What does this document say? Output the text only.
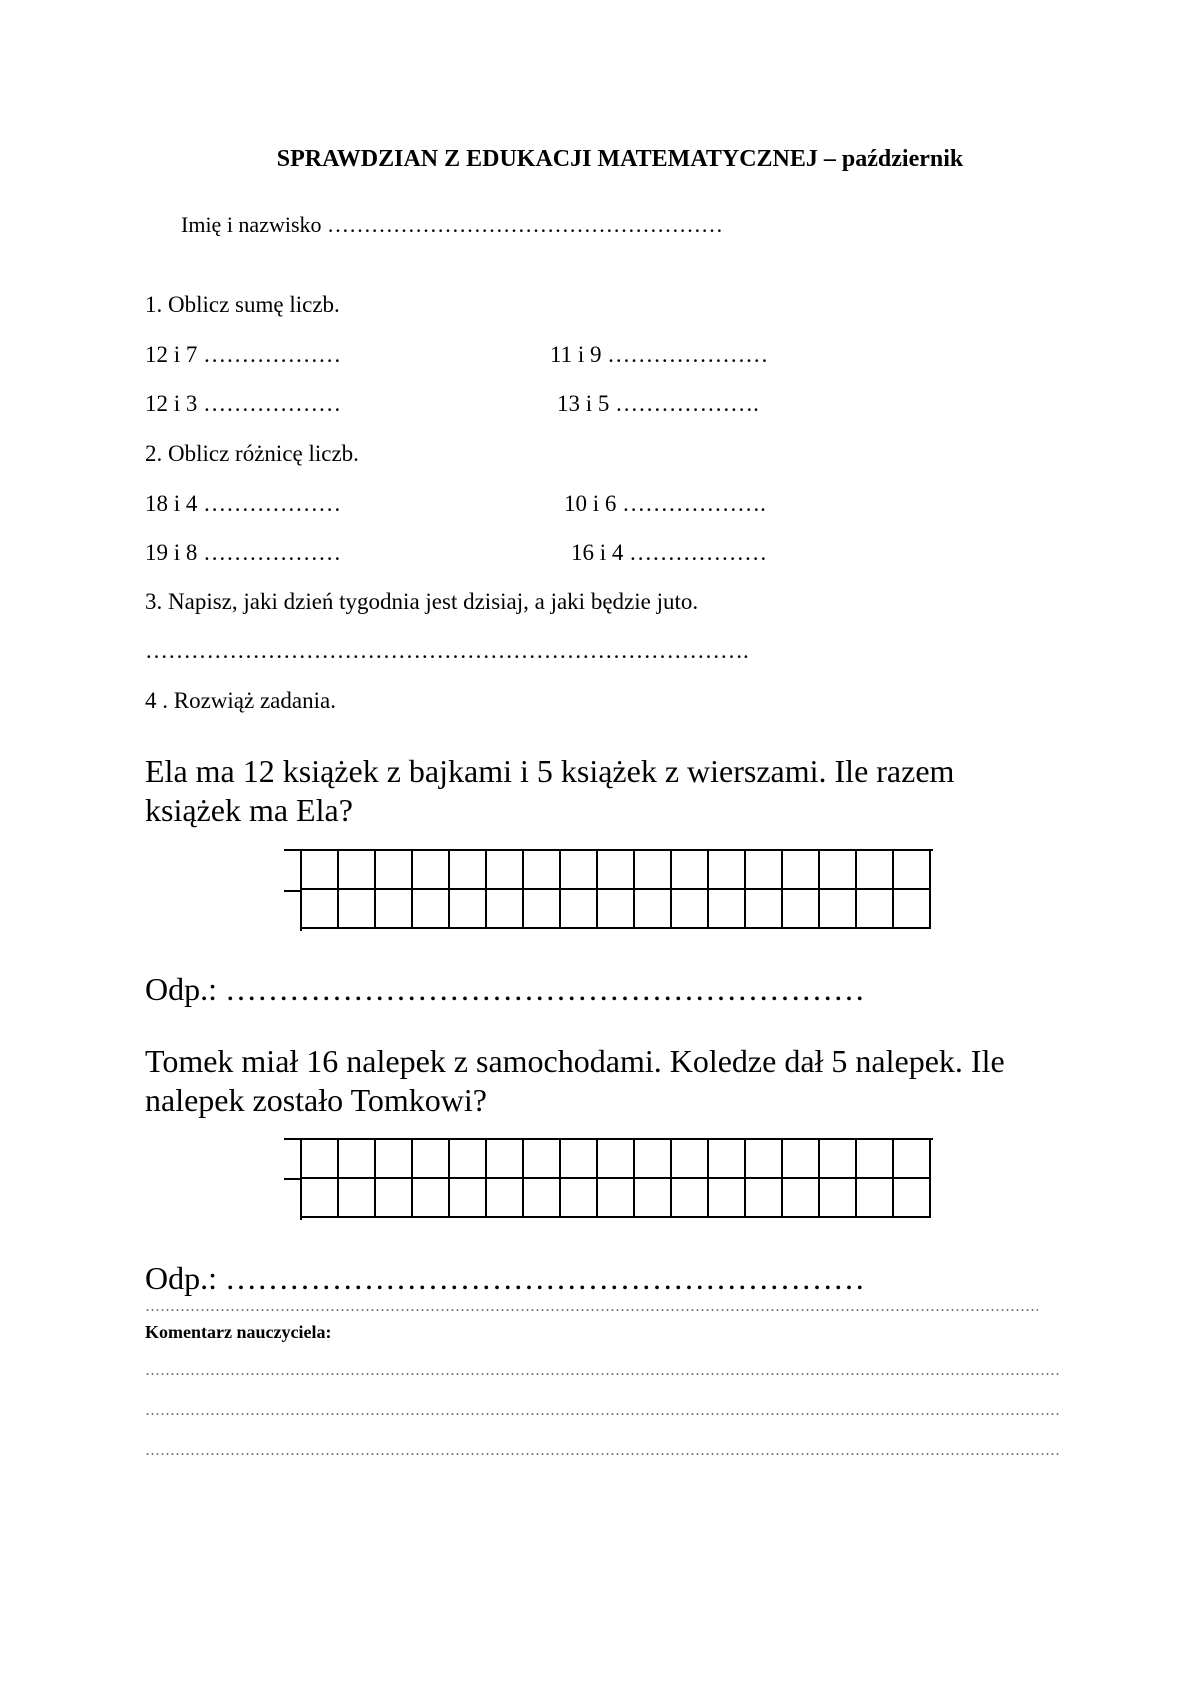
SPRAWDZIAN Z EDUKACJI MATEMATYCZNEJ – październik
Imię i nazwisko ………………………………………………
1. Oblicz sumę liczb.
12 i 7 ………………	11 i 9 …………………
12 i 3 ………………	13 i 5 ……………….
2. Oblicz różnicę liczb.
18 i 4 ………………	10 i 6 ……………….
19 i 8 ………………	16 i 4 ………………
3. Napisz, jaki dzień tygodnia jest dzisiaj, a jaki będzie juto.
…………………………………………………………………….
4 . Rozwiąż zadania.
Ela ma 12 książek z bajkami i 5 książek z wierszami. Ile razem
książek ma Ela?
Odp.: ……………………………………………………
Tomek miał 16 nalepek z samochodami. Koledze dał 5 nalepek. Ile
nalepek zostało Tomkowi?
Odp.: ……………………………………………………
Komentarz nauczyciela:
